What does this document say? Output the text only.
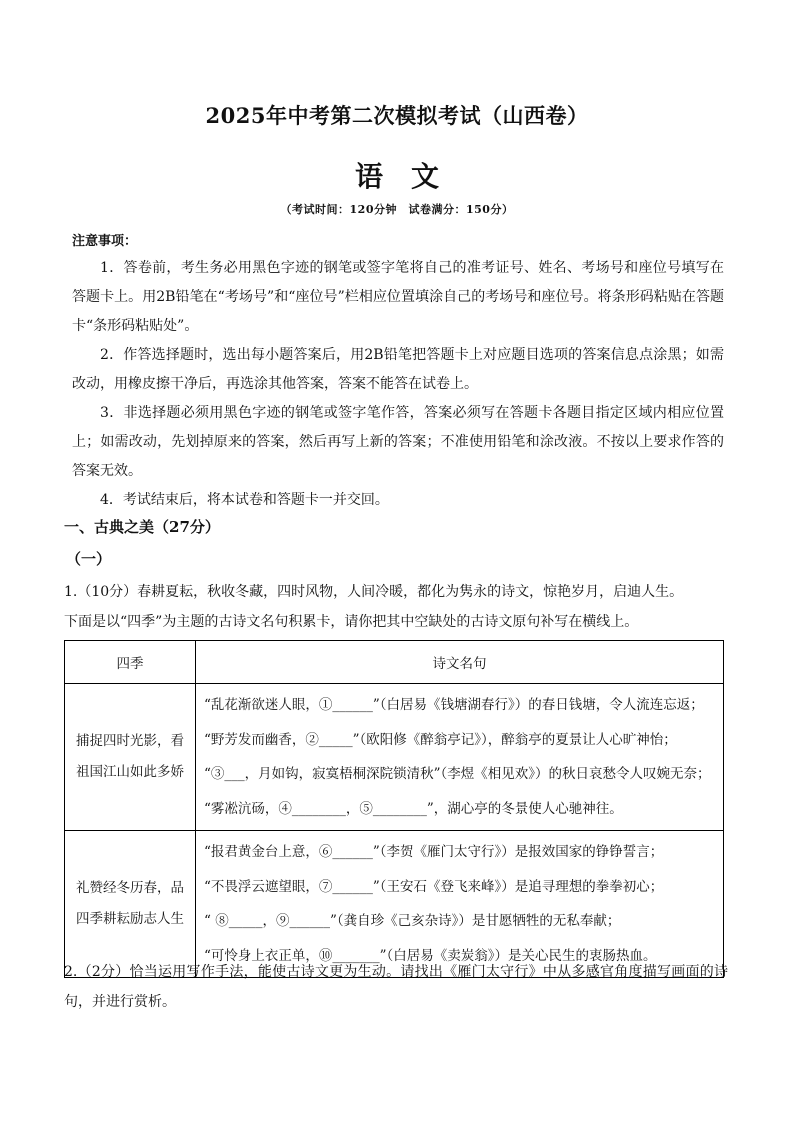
2025年中考第二次模拟考试（山西卷）
语文
（考试时间：120分钟　试卷满分：150分）
注意事项：
1．答卷前，考生务必用黑色字迹的钢笔或签字笔将自己的准考证号、姓名、考场号和座位号填写在答题卡上。用2B铅笔在“考场号”和“座位号”栏相应位置填涂自己的考场号和座位号。将条形码粘贴在答题卡“条形码粘贴处”。
2．作答选择题时，选出每小题答案后，用2B铅笔把答题卡上对应题目选项的答案信息点涂黑；如需改动，用橡皮擦干净后，再选涂其他答案，答案不能答在试卷上。
3．非选择题必须用黑色字迹的钢笔或签字笔作答，答案必须写在答题卡各题目指定区域内相应位置上；如需改动，先划掉原来的答案，然后再写上新的答案；不准使用铅笔和涂改液。不按以上要求作答的答案无效。
4．考试结束后，将本试卷和答题卡一并交回。
一、古典之美（27分）
（一）
1.（10分）春耕夏耘，秋收冬藏，四时风物，人间冷暖，都化为隽永的诗文，惊艳岁月，启迪人生。
下面是以“四季”为主题的古诗文名句积累卡，请你把其中空缺处的古诗文原句补写在横线上。
四季	诗文名句
捕捉四时光影，看祖国江山如此多娇	“乱花渐欲迷人眼，①______”（白居易《钱塘湖春行》）的春日钱塘，令人流连忘返；
“野芳发而幽香，②_____”（欧阳修《醉翁亭记》），醉翁亭的夏景让人心旷神怡；
“③___，月如钩，寂寞梧桐深院锁清秋”（李煜《相见欢》）的秋日哀愁令人叹婉无奈；
“雾凇沆砀，④________，⑤________”，湖心亭的冬景使人心驰神往。

礼赞经冬历春，品四季耕耘励志人生	“报君黄金台上意，⑥______”（李贺《雁门太守行》）是报效国家的铮铮誓言；
“不畏浮云遮望眼，⑦______”（王安石《登飞来峰》）是追寻理想的拳拳初心；
“ ⑧_____，⑨______”（龚自珍《己亥杂诗》）是甘愿牺牲的无私奉献；
“可怜身上衣正单，⑩_______”（白居易《卖炭翁》）是关心民生的衷肠热血。
2.（2分）恰当运用写作手法，能使古诗文更为生动。请找出《雁门太守行》中从多感官角度描写画面的诗句，并进行赏析。
